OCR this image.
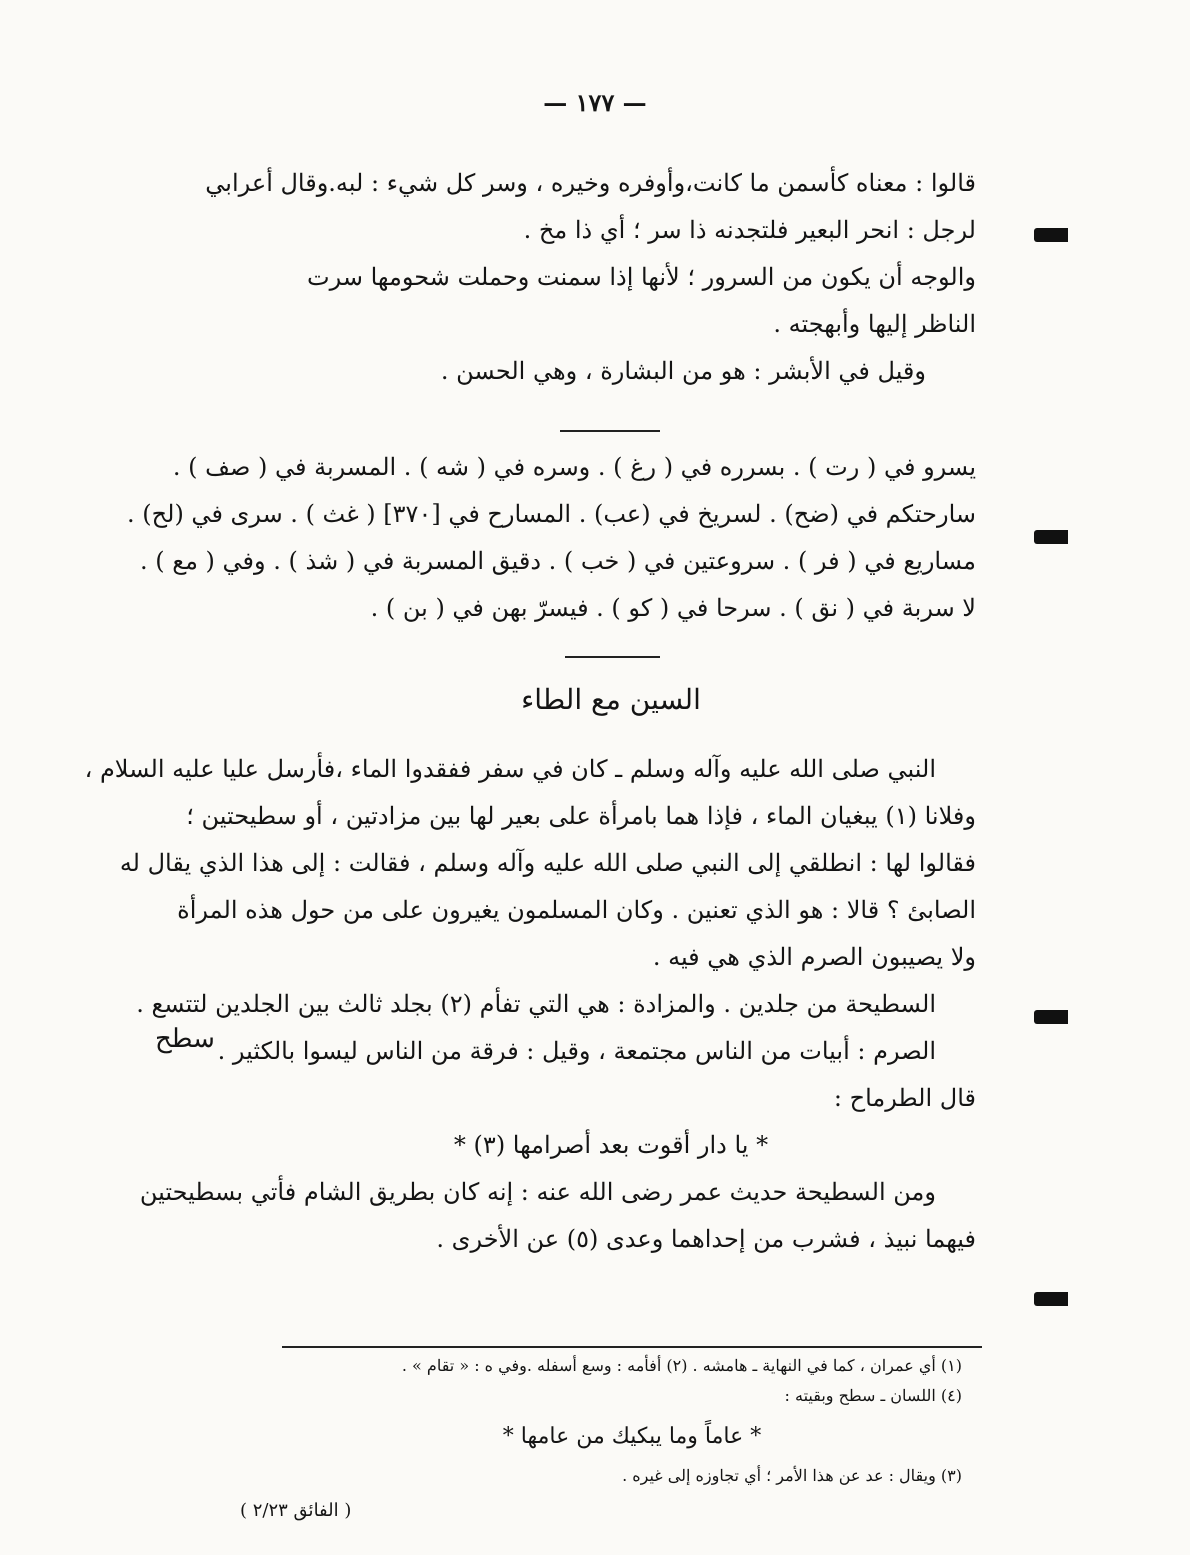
— ١٧٧ —
قالوا : معناه كأسمن ما كانت،وأوفره وخيره ، وسر كل شيء : لبه.وقال أعرابي
لرجل : انحر البعير فلتجدنه ذا سر ؛ أي ذا مخ .
والوجه أن يكون من السرور ؛ لأنها إذا سمنت وحملت شحومها سرت
الناظر إليها وأبهجته .
وقيل في الأبشر : هو من البشارة ، وهي الحسن .
يسرو في ( رت ) . بسرره في ( رغ ) . وسره في ( شه ) . المسربة في ( صف ) .
سارحتكم في (ضح) . لسريخ في (عب) . المسارح في [٣٧٠] ( غث ) . سرى في (لح) .
مساريع في ( فر ) . سروعتين في ( خب ) . دقيق المسربة في ( شذ ) . وفي ( مع ) .
لا سربة في ( نق ) . سرحا في ( كو ) . فيسرّ بهن في ( بن ) .
السين مع الطاء
النبي صلى الله عليه وآله وسلم ـ كان في سفر ففقدوا الماء ،فأرسل عليا عليه السلام ،
وفلانا (١) يبغيان الماء ، فإذا هما بامرأة على بعير لها بين مزادتين ، أو سطيحتين ؛
فقالوا لها : انطلقي إلى النبي صلى الله عليه وآله وسلم ، فقالت : إلى هذا الذي يقال له
الصابئ ؟ قالا : هو الذي تعنين . وكان المسلمون يغيرون على من حول هذه المرأة
ولا يصيبون الصرم الذي هي فيه .
السطيحة من جلدين . والمزادة : هي التي تفأم (٢) بجلد ثالث بين الجلدين لتتسع .
الصرم : أبيات من الناس مجتمعة ، وقيل : فرقة من الناس ليسوا بالكثير .
قال الطرماح :
* يا دار أقوت بعد أصرامها (٣) *
ومن السطيحة حديث عمر رضى الله عنه : إنه كان بطريق الشام فأتي بسطيحتين
فيهما نبيذ ، فشرب من إحداهما وعدى (٥) عن الأخرى .
سطح
(١) أي عمران ، كما في النهاية ـ هامشه . (٢) أفأمه : وسع أسفله .وفي ه : « تقام » .
(٤) اللسان ـ سطح وبقيته :
* عاماً وما يبكيك من عامها *
(٣) ويقال : عد عن هذا الأمر ؛ أي تجاوزه إلى غيره .
( الفائق ٢/٢٣ )
